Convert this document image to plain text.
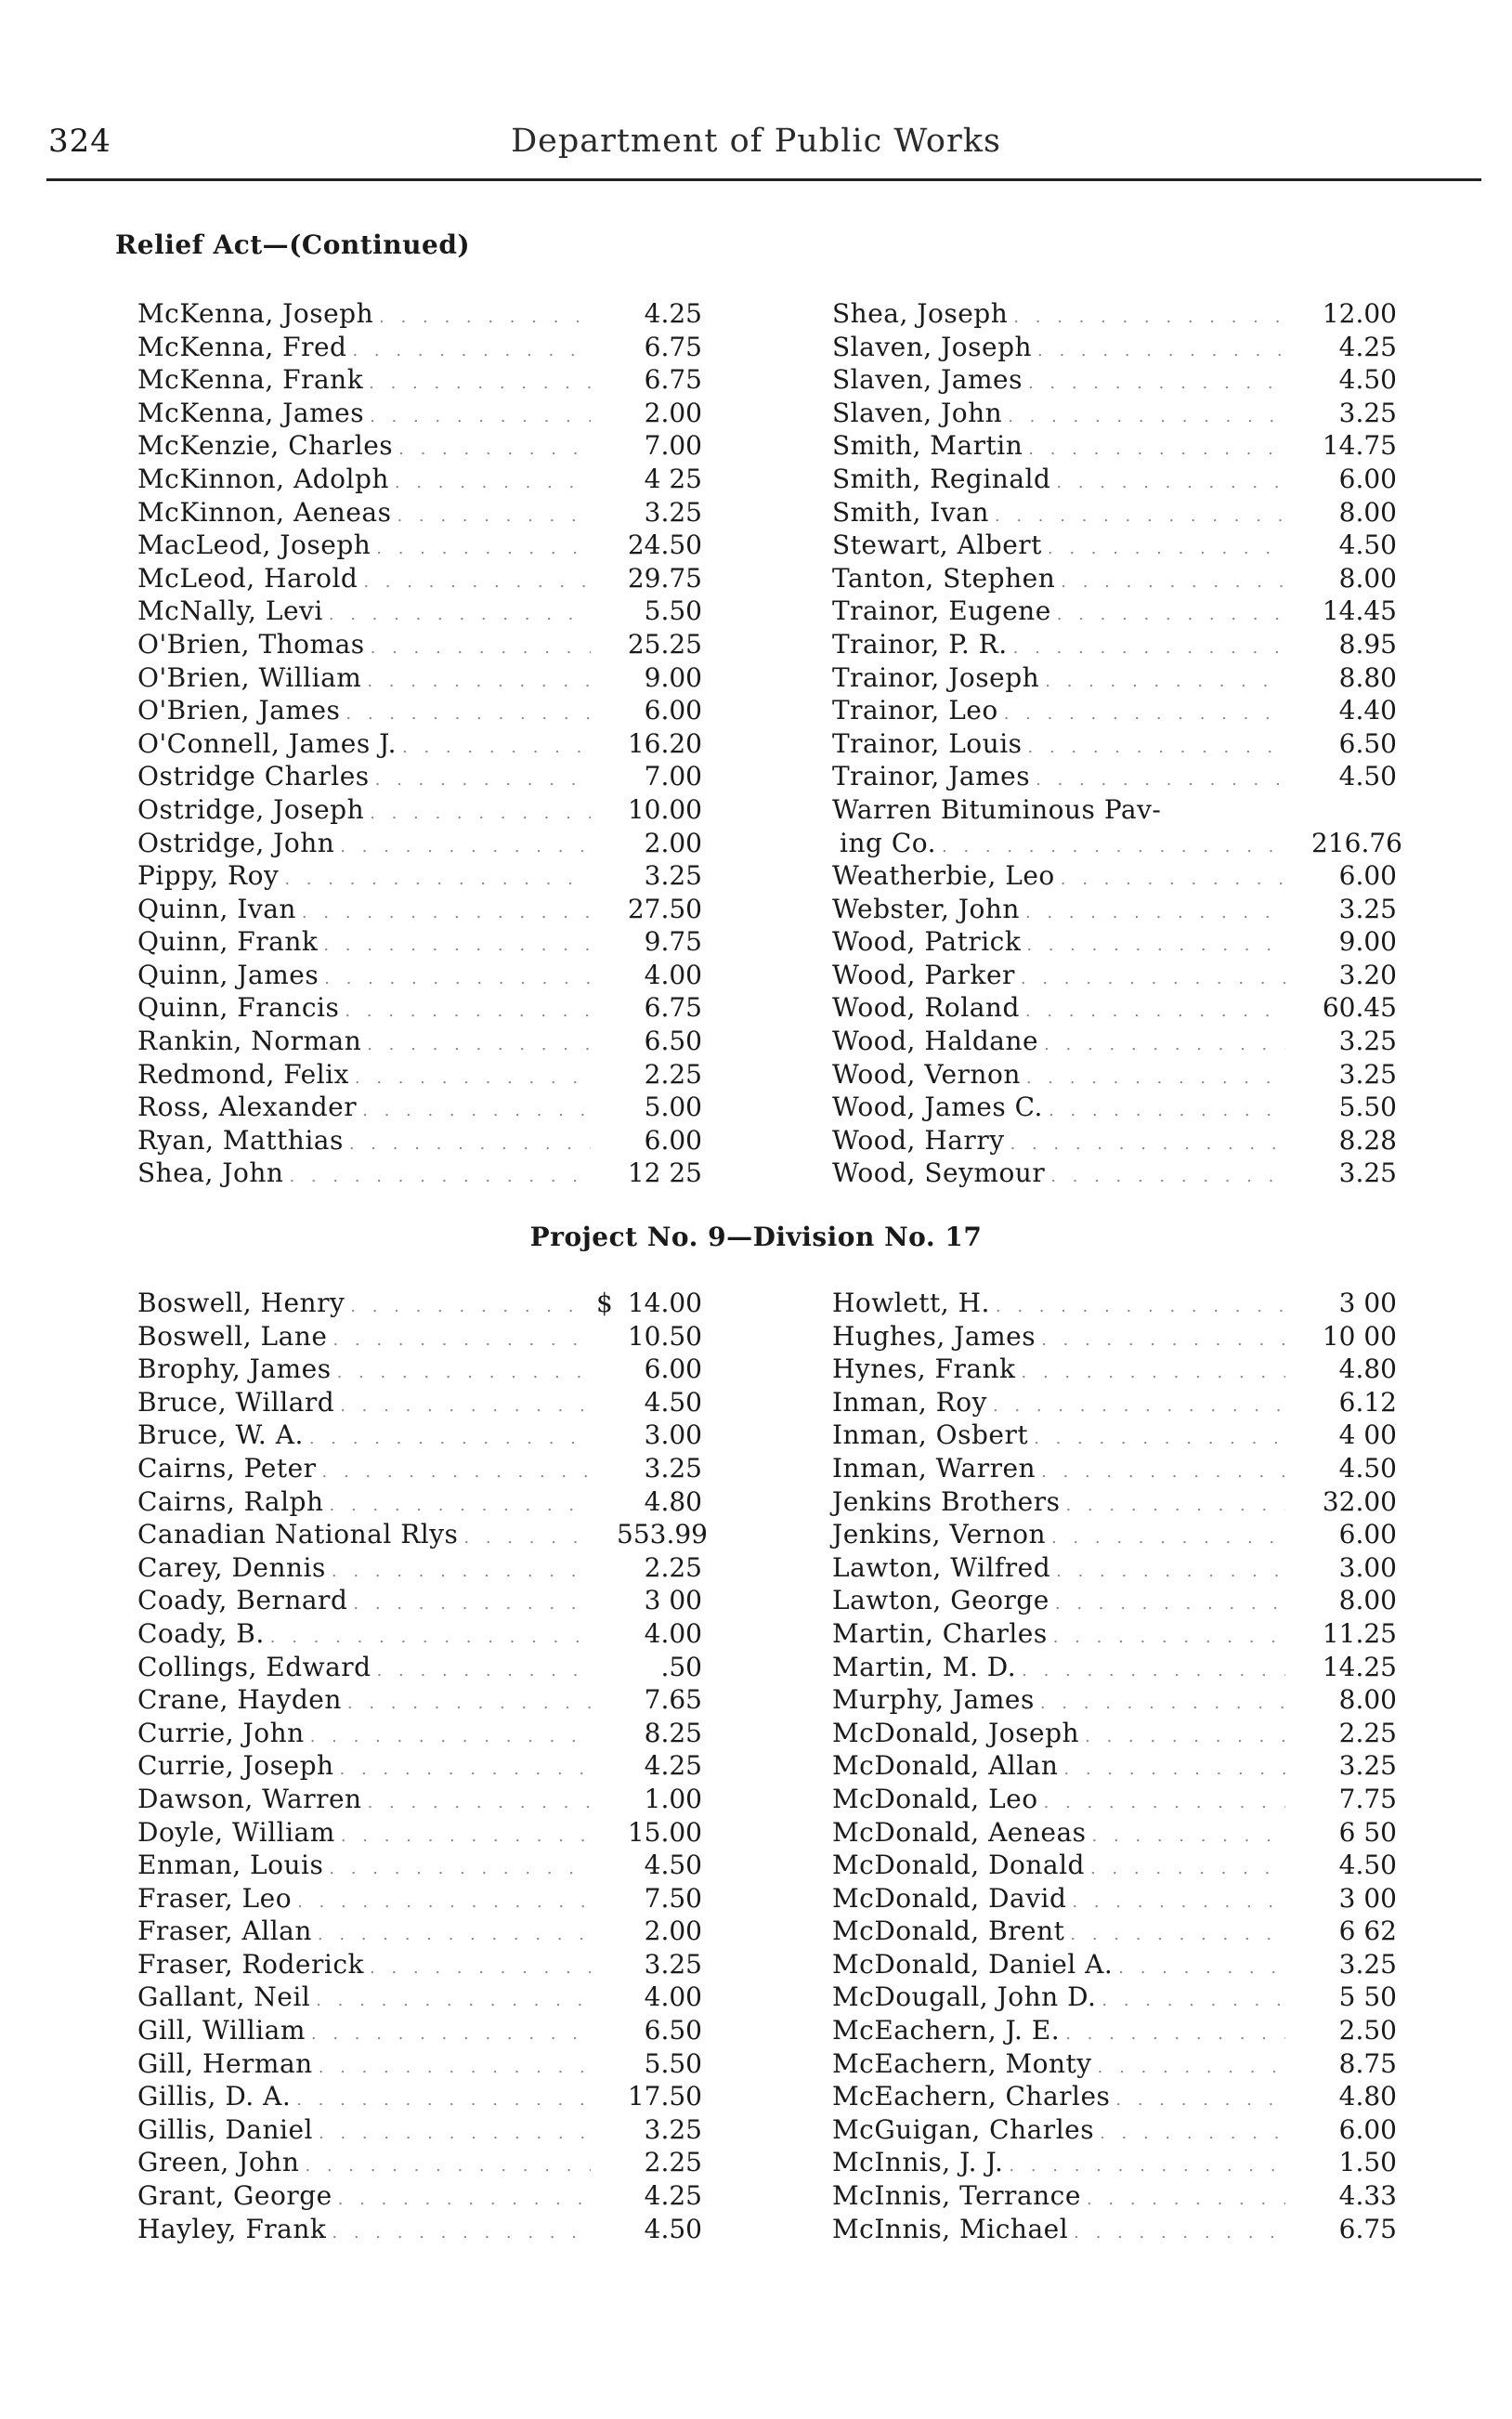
324	Department of Public Works
Relief Act—(Continued)
McKenna, Joseph . . .	4.25
McKenna, Fred . . .	6.75
McKenna, Frank . . .	6.75
McKenna, James . . .	2.00
McKenzie, Charles . . .	7.00
McKinnon, Adolph . . .	4 25
McKinnon, Aeneas . . .	3.25
MacLeod, Joseph . . .	24.50
McLeod, Harold . . .	29.75
McNally, Levi . . .	5.50
O'Brien, Thomas . . .	25.25
O'Brien, William . . .	9.00
O'Brien, James . . .	6.00
O'Connell, James J. . . .	16.20
Ostridge Charles . . .	7.00
Ostridge, Joseph . . .	10.00
Ostridge, John . . .	2.00
Pippy, Roy . . .	3.25
Quinn, Ivan . . .	27.50
Quinn, Frank . . .	9.75
Quinn, James . . .	4.00
Quinn, Francis . . .	6.75
Rankin, Norman . . .	6.50
Redmond, Felix . . .	2.25
Ross, Alexander . . .	5.00
Ryan, Matthias . . .	6.00
Shea, John . . .	12 25
Shea, Joseph . . .	12.00
Slaven, Joseph . . .	4.25
Slaven, James . . .	4.50
Slaven, John . . .	3.25
Smith, Martin . . .	14.75
Smith, Reginald . . .	6.00
Smith, Ivan . . .	8.00
Stewart, Albert . . .	4.50
Tanton, Stephen . . .	8.00
Trainor, Eugene . . .	14.45
Trainor, P. R. . . .	8.95
Trainor, Joseph . . .	8.80
Trainor, Leo . . .	4.40
Trainor, Louis . . .	6.50
Trainor, James . . .	4.50
Warren Bituminous Pav-
ing Co. . . .	216.76
Weatherbie, Leo . . .	6.00
Webster, John . . .	3.25
Wood, Patrick . . .	9.00
Wood, Parker . . .	3.20
Wood, Roland . . .	60.45
Wood, Haldane . . .	3.25
Wood, Vernon . . .	3.25
Wood, James C. . . .	5.50
Wood, Harry . . .	8.28
Wood, Seymour . . .	3.25
Project No. 9—Division No. 17
Boswell, Henry . . .	$ 14.00
Boswell, Lane . . .	10.50
Brophy, James . . .	6.00
Bruce, Willard . . .	4.50
Bruce, W. A. . . .	3.00
Cairns, Peter . . .	3.25
Cairns, Ralph . . .	4.80
Canadian National Rlys . . .	553.99
Carey, Dennis . . .	2.25
Coady, Bernard . . .	3 00
Coady, B. . . .	4.00
Collings, Edward . . .	.50
Crane, Hayden . . .	7.65
Currie, John . . .	8.25
Currie, Joseph . . .	4.25
Dawson, Warren . . .	1.00
Doyle, William . . .	15.00
Enman, Louis . . .	4.50
Fraser, Leo . . .	7.50
Fraser, Allan . . .	2.00
Fraser, Roderick . . .	3.25
Gallant, Neil . . .	4.00
Gill, William . . .	6.50
Gill, Herman . . .	5.50
Gillis, D. A. . . .	17.50
Gillis, Daniel . . .	3.25
Green, John . . .	2.25
Grant, George . . .	4.25
Hayley, Frank . . .	4.50
Howlett, H. . . .	3 00
Hughes, James . . .	10 00
Hynes, Frank . . .	4.80
Inman, Roy . . .	6.12
Inman, Osbert . . .	4 00
Inman, Warren . . .	4.50
Jenkins Brothers . . .	32.00
Jenkins, Vernon . . .	6.00
Lawton, Wilfred . . .	3.00
Lawton, George . . .	8.00
Martin, Charles . . .	11.25
Martin, M. D. . . .	14.25
Murphy, James . . .	8.00
McDonald, Joseph . . .	2.25
McDonald, Allan . . .	3.25
McDonald, Leo . . .	7.75
McDonald, Aeneas . . .	6 50
McDonald, Donald . . .	4.50
McDonald, David . . .	3 00
McDonald, Brent . . .	6 62
McDonald, Daniel A. . . .	3.25
McDougall, John D. . . .	5 50
McEachern, J. E. . . .	2.50
McEachern, Monty . . .	8.75
McEachern, Charles . . .	4.80
McGuigan, Charles . . .	6.00
McInnis, J. J. . . .	1.50
McInnis, Terrance . . .	4.33
McInnis, Michael . . .	6.75
